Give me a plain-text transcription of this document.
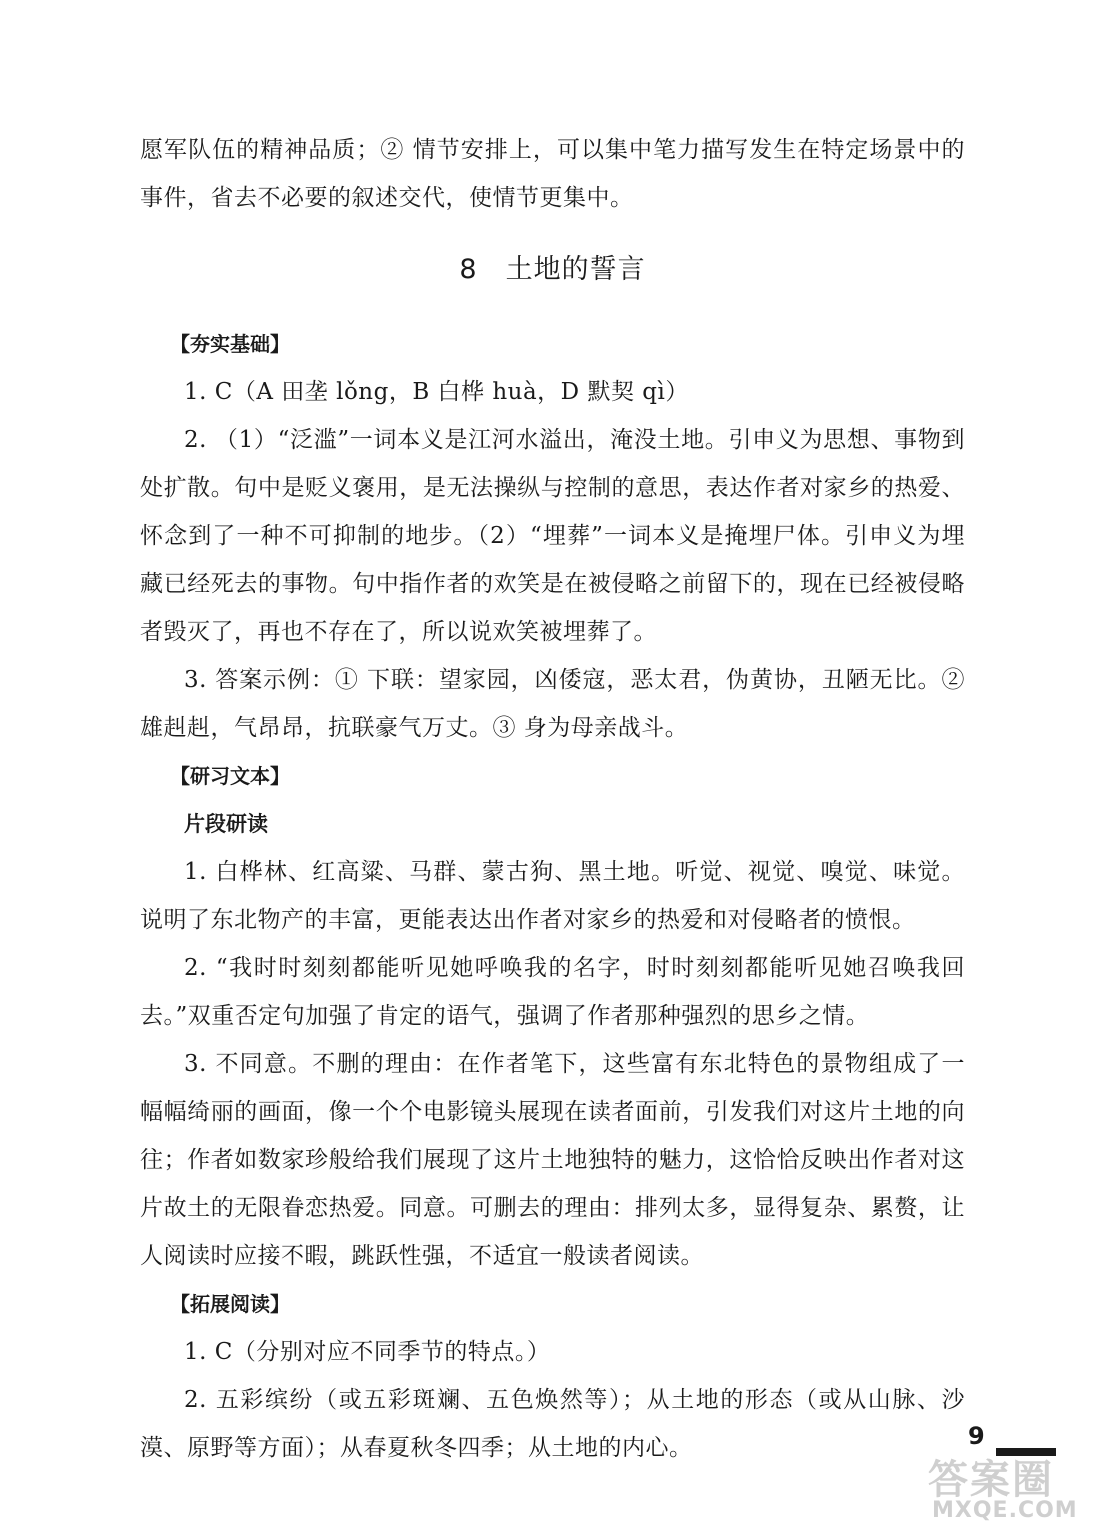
愿军队伍的精神品质；② 情节安排上，可以集中笔力描写发生在特定场景中的事件，省去不必要的叙述交代，使情节更集中。

8　土地的誓言

【夯实基础】

1. C（A 田垄 lǒng，B 白桦 huà，D 默契 qì）

2. （1）“泛滥”一词本义是江河水溢出，淹没土地。引申义为思想、事物到处扩散。句中是贬义褒用，是无法操纵与控制的意思，表达作者对家乡的热爱、怀念到了一种不可抑制的地步。（2）“埋葬”一词本义是掩埋尸体。引申义为埋藏已经死去的事物。句中指作者的欢笑是在被侵略之前留下的，现在已经被侵略者毁灭了，再也不存在了，所以说欢笑被埋葬了。

3. 答案示例：① 下联：望家园，凶倭寇，恶太君，伪黄协，丑陋无比。② 雄赳赳，气昂昂，抗联豪气万丈。③ 身为母亲战斗。

【研习文本】

片段研读

1. 白桦林、红高粱、马群、蒙古狗、黑土地。听觉、视觉、嗅觉、味觉。说明了东北物产的丰富，更能表达出作者对家乡的热爱和对侵略者的愤恨。

2. “我时时刻刻都能听见她呼唤我的名字，时时刻刻都能听见她召唤我回去。”双重否定句加强了肯定的语气，强调了作者那种强烈的思乡之情。

3. 不同意。不删的理由：在作者笔下，这些富有东北特色的景物组成了一幅幅绮丽的画面，像一个个电影镜头展现在读者面前，引发我们对这片土地的向往；作者如数家珍般给我们展现了这片土地独特的魅力，这恰恰反映出作者对这片故土的无限眷恋热爱。同意。可删去的理由：排列太多，显得复杂、累赘，让人阅读时应接不暇，跳跃性强，不适宜一般读者阅读。

【拓展阅读】

1. C（分别对应不同季节的特点。）

2. 五彩缤纷（或五彩斑斓、五色焕然等）；从土地的形态（或从山脉、沙漠、原野等方面）；从春夏秋冬四季；从土地的内心。	9
答案圈
MXQE.COM
